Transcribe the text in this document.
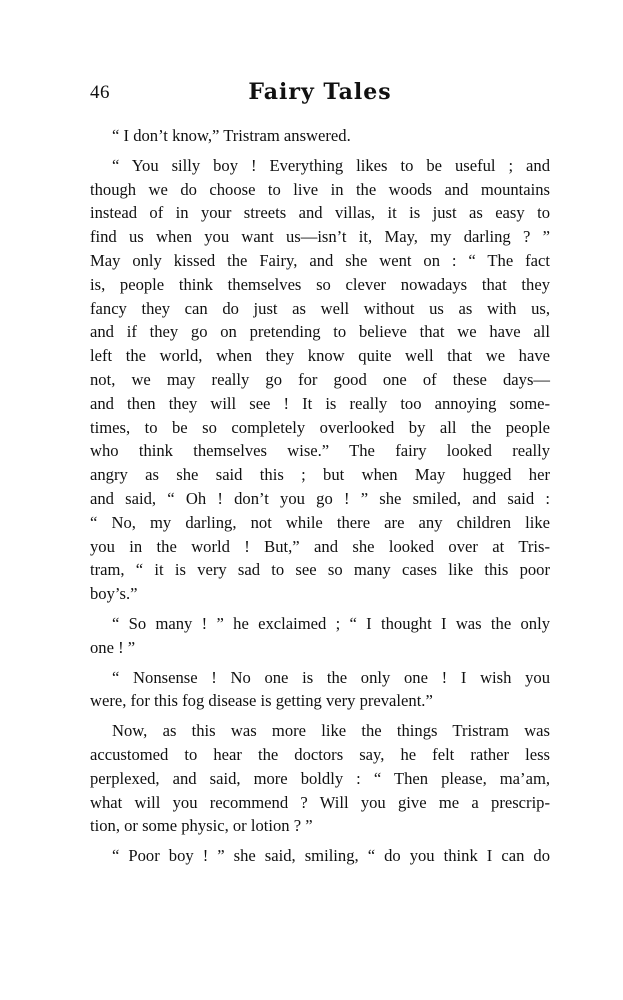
46	Fairy Tales
“ I don’t know,” Tristram answered.
“ You silly boy ! Everything likes to be useful ; and
though we do choose to live in the woods and mountains
instead of in your streets and villas, it is just as easy to
find us when you want us—isn’t it, May, my darling ? ”
May only kissed the Fairy, and she went on : “ The fact
is, people think themselves so clever nowadays that they
fancy they can do just as well without us as with us,
and if they go on pretending to believe that we have all
left the world, when they know quite well that we have
not, we may really go for good one of these days—
and then they will see ! It is really too annoying some-
times, to be so completely overlooked by all the people
who think themselves wise.” The fairy looked really
angry as she said this ; but when May hugged her
and said, “ Oh ! don’t you go ! ” she smiled, and said :
“ No, my darling, not while there are any children like
you in the world ! But,” and she looked over at Tris-
tram, “ it is very sad to see so many cases like this poor
boy’s.”
“ So many ! ” he exclaimed ; “ I thought I was the only
one ! ”
“ Nonsense ! No one is the only one ! I wish you
were, for this fog disease is getting very prevalent.”
Now, as this was more like the things Tristram was
accustomed to hear the doctors say, he felt rather less
perplexed, and said, more boldly : “ Then please, ma’am,
what will you recommend ? Will you give me a prescrip-
tion, or some physic, or lotion ? ”
“ Poor boy ! ” she said, smiling, “ do you think I can do
